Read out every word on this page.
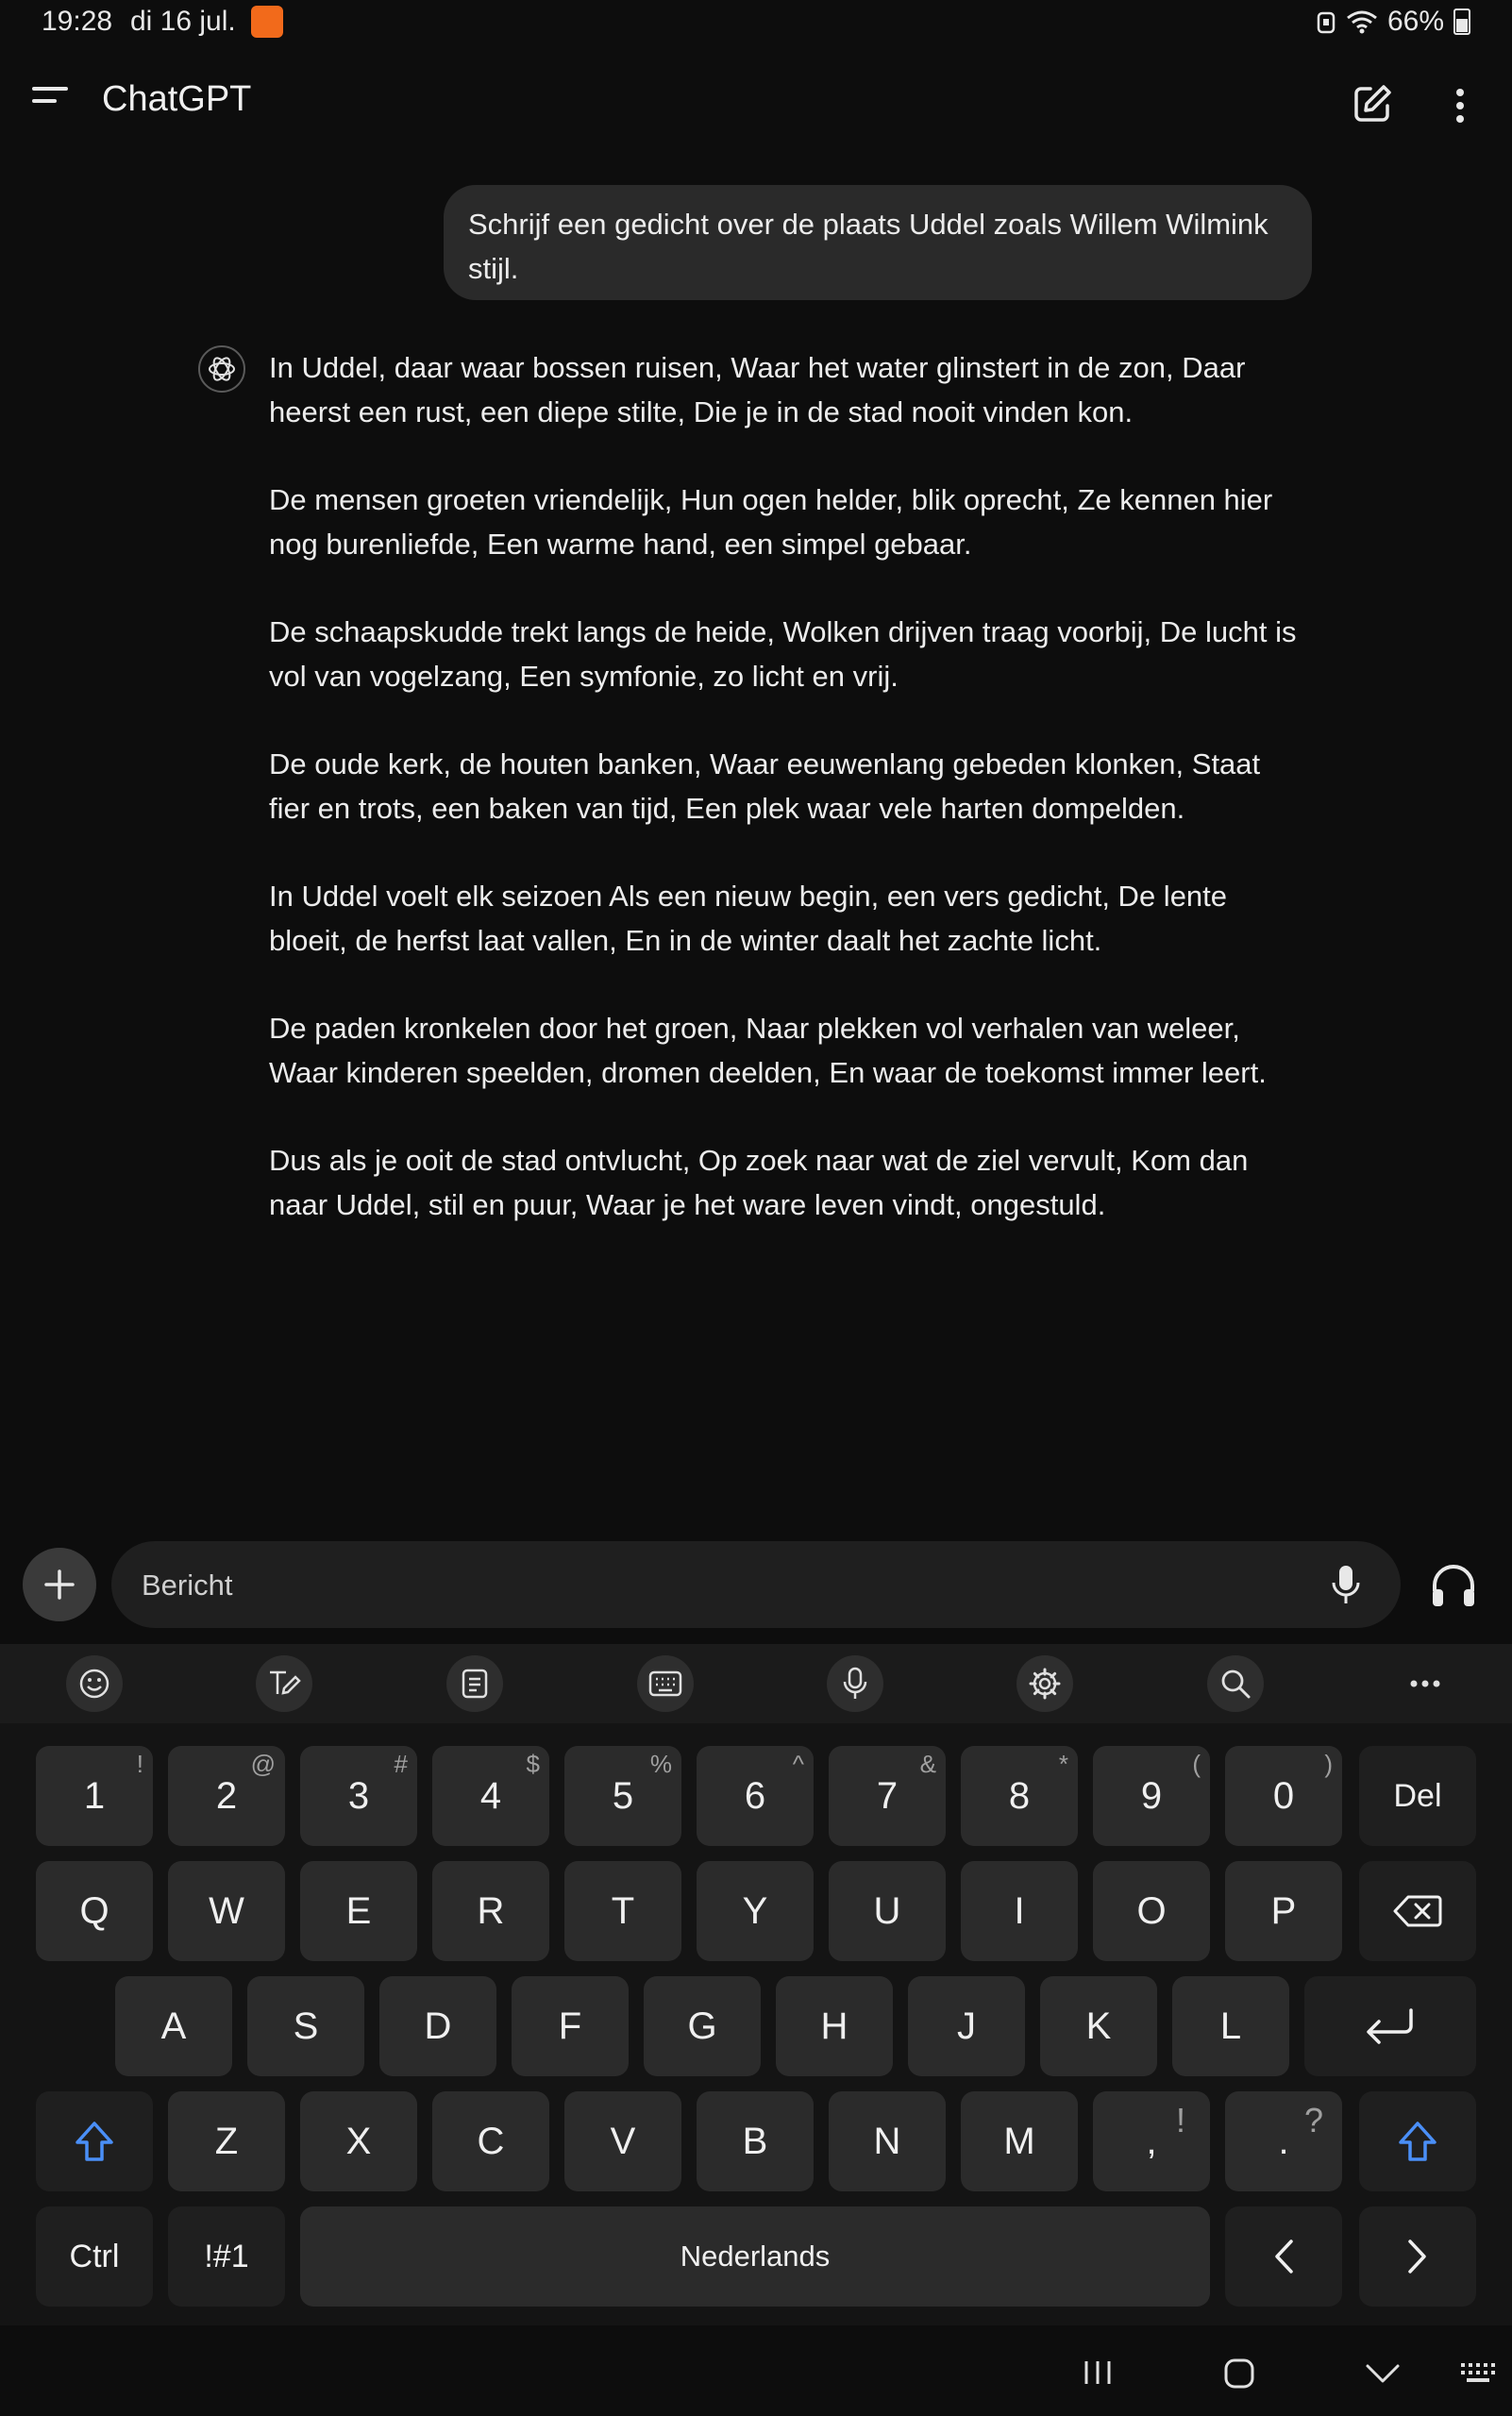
19:28 di 16 jul.	66%
ChatGPT
Schrijf een gedicht over de plaats Uddel zoals Willem Wilmink stijl.

In Uddel, daar waar bossen ruisen, Waar het water glinstert in de zon, Daar heerst een rust, een diepe stilte, Die je in de stad nooit vinden kon.

De mensen groeten vriendelijk, Hun ogen helder, blik oprecht, Ze kennen hier nog burenliefde, Een warme hand, een simpel gebaar.

De schaapskudde trekt langs de heide, Wolken drijven traag voorbij, De lucht is vol van vogelzang, Een symfonie, zo licht en vrij.

De oude kerk, de houten banken, Waar eeuwenlang gebeden klonken, Staat fier en trots, een baken van tijd, Een plek waar vele harten dompelden.

In Uddel voelt elk seizoen Als een nieuw begin, een vers gedicht, De lente bloeit, de herfst laat vallen, En in de winter daalt het zachte licht.

De paden kronkelen door het groen, Naar plekken vol verhalen van weleer, Waar kinderen speelden, dromen deelden, En waar de toekomst immer leert.

Dus als je ooit de stad ontvlucht, Op zoek naar wat de ziel vervult, Kom dan naar Uddel, stil en puur, Waar je het ware leven vindt, ongestuld.

Bericht
1
!
2
@
3
#
4
$
5
%
6
^
7
&
8
*
9
(
0
)
Del
Q	W	E	R	T	Y	U	I	O	P
A	S	D	F	G	H	J	K	L
Z	X	C	V	B	N	M	, ! . ?
Ctrl	!#1	Nederlands
